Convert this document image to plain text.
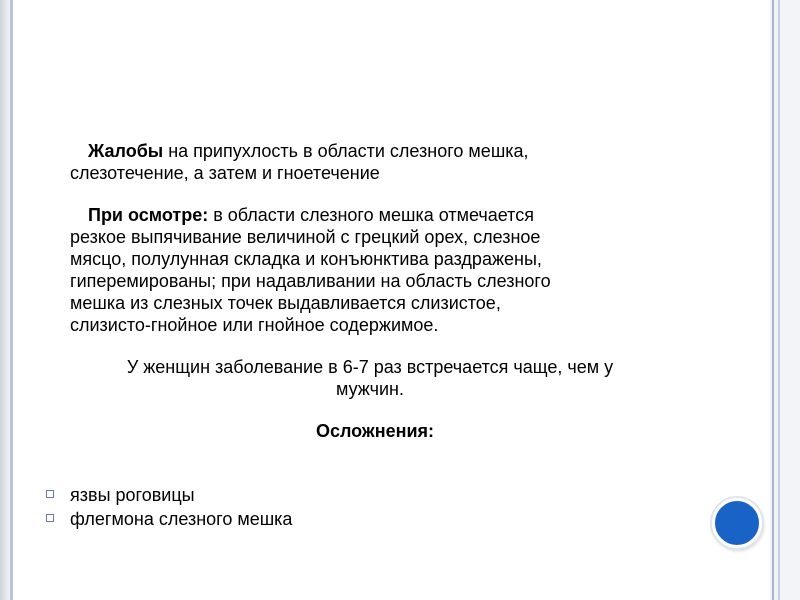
Жалобы на припухлость в области слезного мешка,

слезотечение, а затем и гноетечение

При осмотре: в области слезного мешка отмечается

резкое выпячивание величиной с грецкий орех, слезное

мясцо, полулунная складка и конъюнктива раздражены,

гиперемированы; при надавливании на область слезного

мешка из слезных точек выдавливается слизистое,

слизисто-гнойное или гнойное содержимое.

У женщин заболевание в 6-7 раз встречается чаще, чем у

мужчин.

Осложнения:

язвы роговицы
флегмона слезного мешка
